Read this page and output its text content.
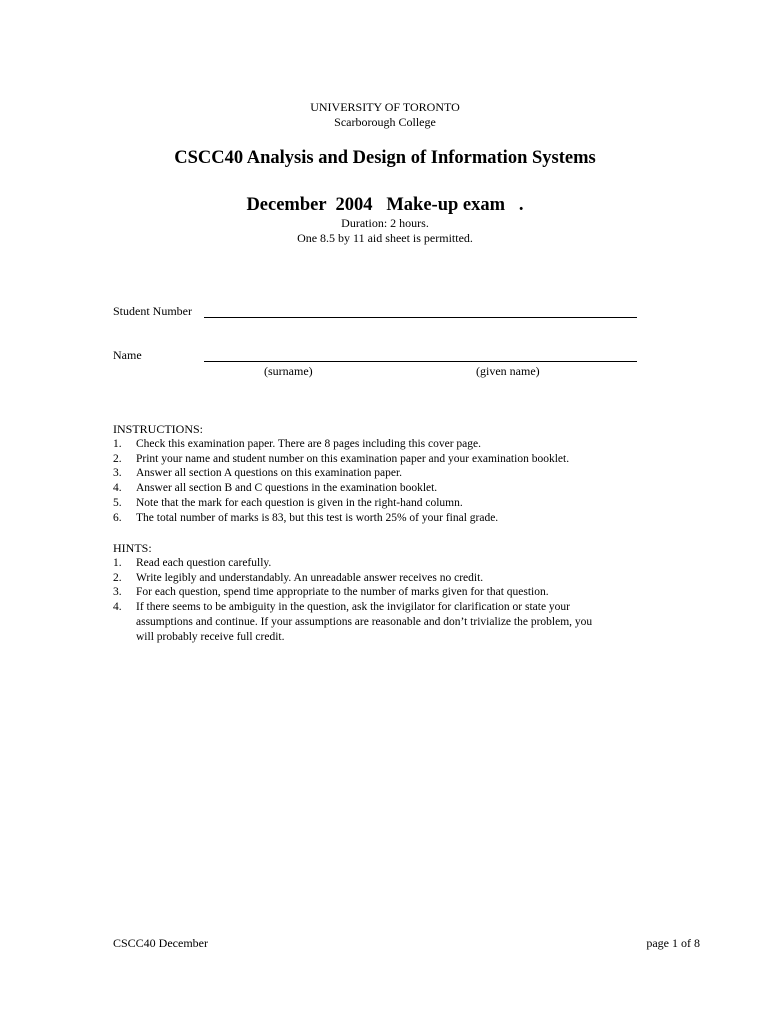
UNIVERSITY OF TORONTO
Scarborough College
CSCC40 Analysis and Design of Information Systems
December  2004   Make-up exam   .
Duration: 2 hours.
One 8.5 by 11 aid sheet is permitted.
Student Number
Name
(surname)	(given name)
INSTRUCTIONS:
1. Check this examination paper. There are 8 pages including this cover page.
2. Print your name and student number on this examination paper and your examination booklet.
3. Answer all section A questions on this examination paper.
4. Answer all section B and C questions in the examination booklet.
5. Note that the mark for each question is given in the right-hand column.
6. The total number of marks is 83, but this test is worth 25% of your final grade.
HINTS:
1. Read each question carefully.
2. Write legibly and understandably. An unreadable answer receives no credit.
3. For each question, spend time appropriate to the number of marks given for that question.
4. If there seems to be ambiguity in the question, ask the invigilator for clarification or state your assumptions and continue. If your assumptions are reasonable and don’t trivialize the problem, you will probably receive full credit.
CSCC40 December	page 1 of 8
